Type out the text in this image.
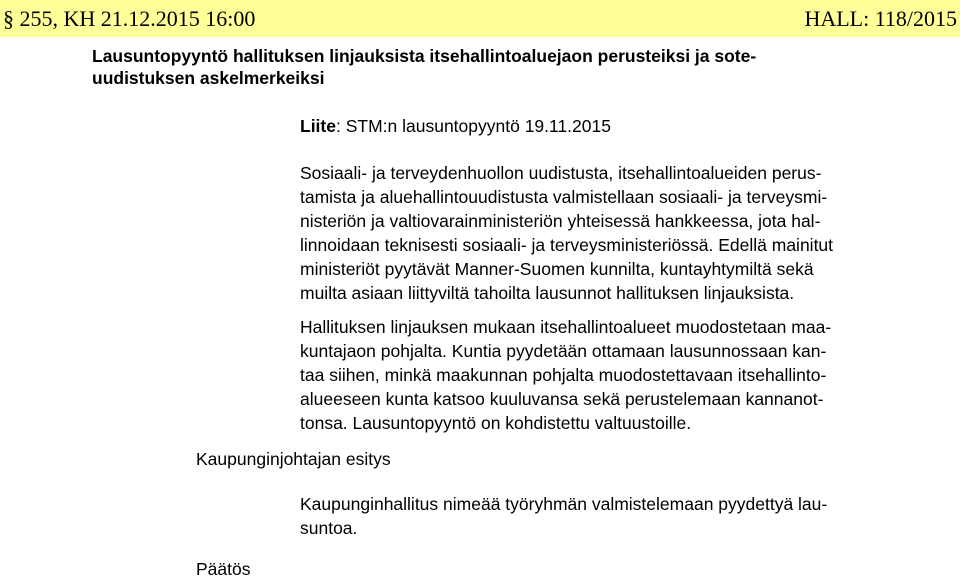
§ 255, KH 21.12.2015 16:00	HALL: 118/2015
Lausuntopyyntö hallituksen linjauksista itsehallintoaluejaon perusteiksi ja sote-
uudistuksen askelmerkeiksi
Liite: STM:n lausuntopyyntö 19.11.2015
Sosiaali- ja terveydenhuollon uudistusta, itsehallintoalueiden perus-
tamista ja aluehallintouudistusta valmistellaan sosiaali- ja terveysmi-
nisteriön ja valtiovarainministeriön yhteisessä hankkeessa, jota hal-
linnoidaan teknisesti sosiaali- ja terveysministeriössä. Edellä mainitut
ministeriöt pyytävät Manner-Suomen kunnilta, kuntayhtymiltä sekä
muilta asiaan liittyviltä tahoilta lausunnot hallituksen linjauksista.
Hallituksen linjauksen mukaan itsehallintoalueet muodostetaan maa-
kuntajaon pohjalta. Kuntia pyydetään ottamaan lausunnossaan kan-
taa siihen, minkä maakunnan pohjalta muodostettavaan itsehallinto-
alueeseen kunta katsoo kuuluvansa sekä perustelemaan kannanot-
tonsa. Lausuntopyyntö on kohdistettu valtuustoille.
Kaupunginjohtajan esitys
Kaupunginhallitus nimeää työryhmän valmistelemaan pyydettyä lau-
suntoa.
Päätös
